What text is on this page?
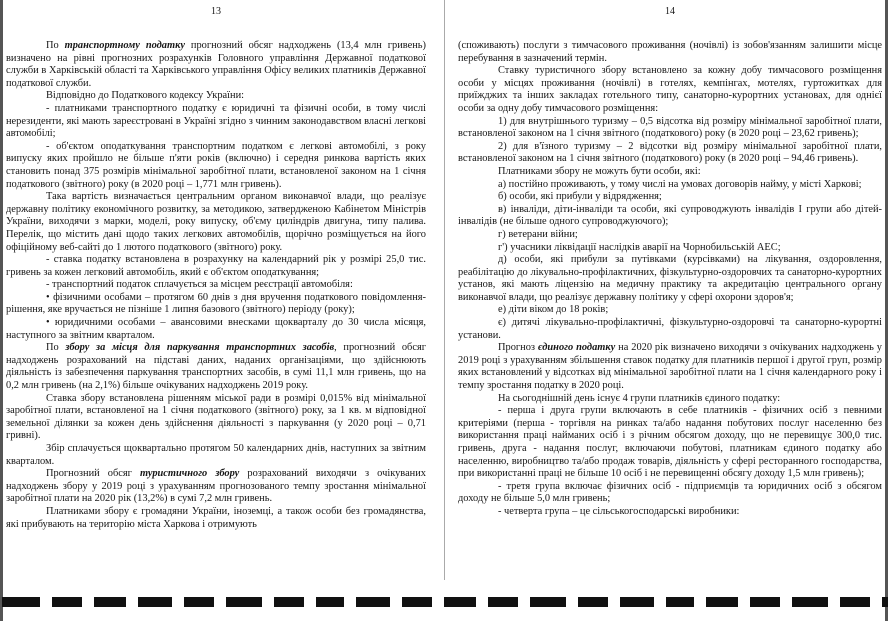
13

По транспортному податку прогнозний обсяг надходжень (13,4 млн гривень) визначено на рівні прогнозних розрахунків Головного управління Державної податкової служби в Харківській області та Харківського управління Офісу великих платників Державної податкової служби.

Відповідно до Податкового кодексу України:

- платниками транспортного податку є юридичні та фізичні особи, в тому числі нерезиденти, які мають зареєстровані в Україні згідно з чинним законодавством власні легкові автомобілі;

- об'єктом оподаткування транспортним податком є легкові автомобілі, з року випуску яких пройшло не більше п'яти років (включно) і середня ринкова вартість яких становить понад 375 розмірів мінімальної заробітної плати, встановленої законом на 1 січня податкового (звітного) року (в 2020 році – 1,771 млн гривень).

Така вартість визначається центральним органом виконавчої влади, що реалізує державну політику економічного розвитку, за методикою, затвердженою Кабінетом Міністрів України, виходячи з марки, моделі, року випуску, об'єму циліндрів двигуна, типу палива. Перелік, що містить дані щодо таких легкових автомобілів, щорічно розміщується на його офіційному веб-сайті до 1 лютого податкового (звітного) року.

- ставка податку встановлена в розрахунку на календарний рік у розмірі 25,0 тис. гривень за кожен легковий автомобіль, який є об'єктом оподаткування;

- транспортний податок сплачується за місцем реєстрації автомобіля:

• фізичними особами – протягом 60 днів з дня вручення податкового повідомлення-рішення, яке вручається не пізніше 1 липня базового (звітного) періоду (року);

• юридичними особами – авансовими внесками щокварталу до 30 числа місяця, наступного за звітним кварталом.

По збору за місця для паркування транспортних засобів, прогнозний обсяг надходжень розрахований на підставі даних, наданих організаціями, що здійснюють діяльність із забезпечення паркування транспортних засобів, в сумі 11,1 млн гривень, що на 0,2 млн гривень (на 2,1%) більше очікуваних надходжень 2019 року.

Ставка збору встановлена рішенням міської ради в розмірі 0,015% від мінімальної заробітної плати, встановленої на 1 січня податкового (звітного) року, за 1 кв. м відповідної земельної ділянки за кожен день здійснення діяльності з паркування (у 2020 році – 0,71 гривні).

Збір сплачується щоквартально протягом 50 календарних днів, наступних за звітним кварталом.

Прогнозний обсяг туристичного збору розрахований виходячи з очікуваних надходжень збору у 2019 році з урахуванням прогнозованого темпу зростання мінімальної заробітної плати на 2020 рік (13,2%) в сумі 7,2 млн гривень.

Платниками збору є громадяни України, іноземці, а також особи без громадянства, які прибувають на територію міста Харкова і отримують

14

(споживають) послуги з тимчасового проживання (ночівлі) із зобов'язанням залишити місце перебування в зазначений термін.

Ставку туристичного збору встановлено за кожну добу тимчасового розміщення особи у місцях проживання (ночівлі) в готелях, кемпінгах, мотелях, гуртожитках для приїжджих та інших закладах готельного типу, санаторно-курортних установах, для однієї особи за одну добу тимчасового розміщення:

1) для внутрішнього туризму – 0,5 відсотка від розміру мінімальної заробітної плати, встановленої законом на 1 січня звітного (податкового) року (в 2020 році – 23,62 гривень);

2) для в'їзного туризму – 2 відсотки від розміру мінімальної заробітної плати, встановленої законом на 1 січня звітного (податкового) року (в 2020 році – 94,46 гривень).

Платниками збору не можуть бути особи, які:

а) постійно проживають, у тому числі на умовах договорів найму, у місті Харкові;

б) особи, які прибули у відрядження;

в) інваліди, діти-інваліди та особи, які супроводжують інвалідів I групи або дітей-інвалідів (не більше одного супроводжуючого);

г) ветерани війни;

г') учасники ліквідації наслідків аварії на Чорнобильській АЕС;

д) особи, які прибули за путівками (курсівками) на лікування, оздоровлення, реабілітацію до лікувально-профілактичних, фізкультурно-оздоровчих та санаторно-курортних установ, які мають ліцензію на медичну практику та акредитацію центрального органу виконавчої влади, що реалізує державну політику у сфері охорони здоров'я;

е) діти віком до 18 років;

є) дитячі лікувально-профілактичні, фізкультурно-оздоровчі та санаторно-курортні установи.

Прогноз єдиного податку на 2020 рік визначено виходячи з очікуваних надходжень у 2019 році з урахуванням збільшення ставок податку для платників першої і другої груп, розмір яких встановлений у відсотках від мінімальної заробітної плати на 1 січня календарного року і темпу зростання податку в 2020 році.

На сьогоднішній день існує 4 групи платників єдиного податку:

- перша і друга групи включають в себе платників - фізичних осіб з певними критеріями (перша - торгівля на ринках та/або надання побутових послуг населенню без використання праці найманих осіб і з річним обсягом доходу, що не перевищує 300,0 тис. гривень, друга - надання послуг, включаючи побутові, платникам єдиного податку або населенню, виробництво та/або продаж товарів, діяльність у сфері ресторанного господарства, при використанні праці не більше 10 осіб і не перевищенні обсягу доходу 1,5 млн гривень);

- третя група включає фізичних осіб - підприємців та юридичних осіб з обсягом доходу не більше 5,0 млн гривень;

- четверта група – це сільськогосподарські виробники:
